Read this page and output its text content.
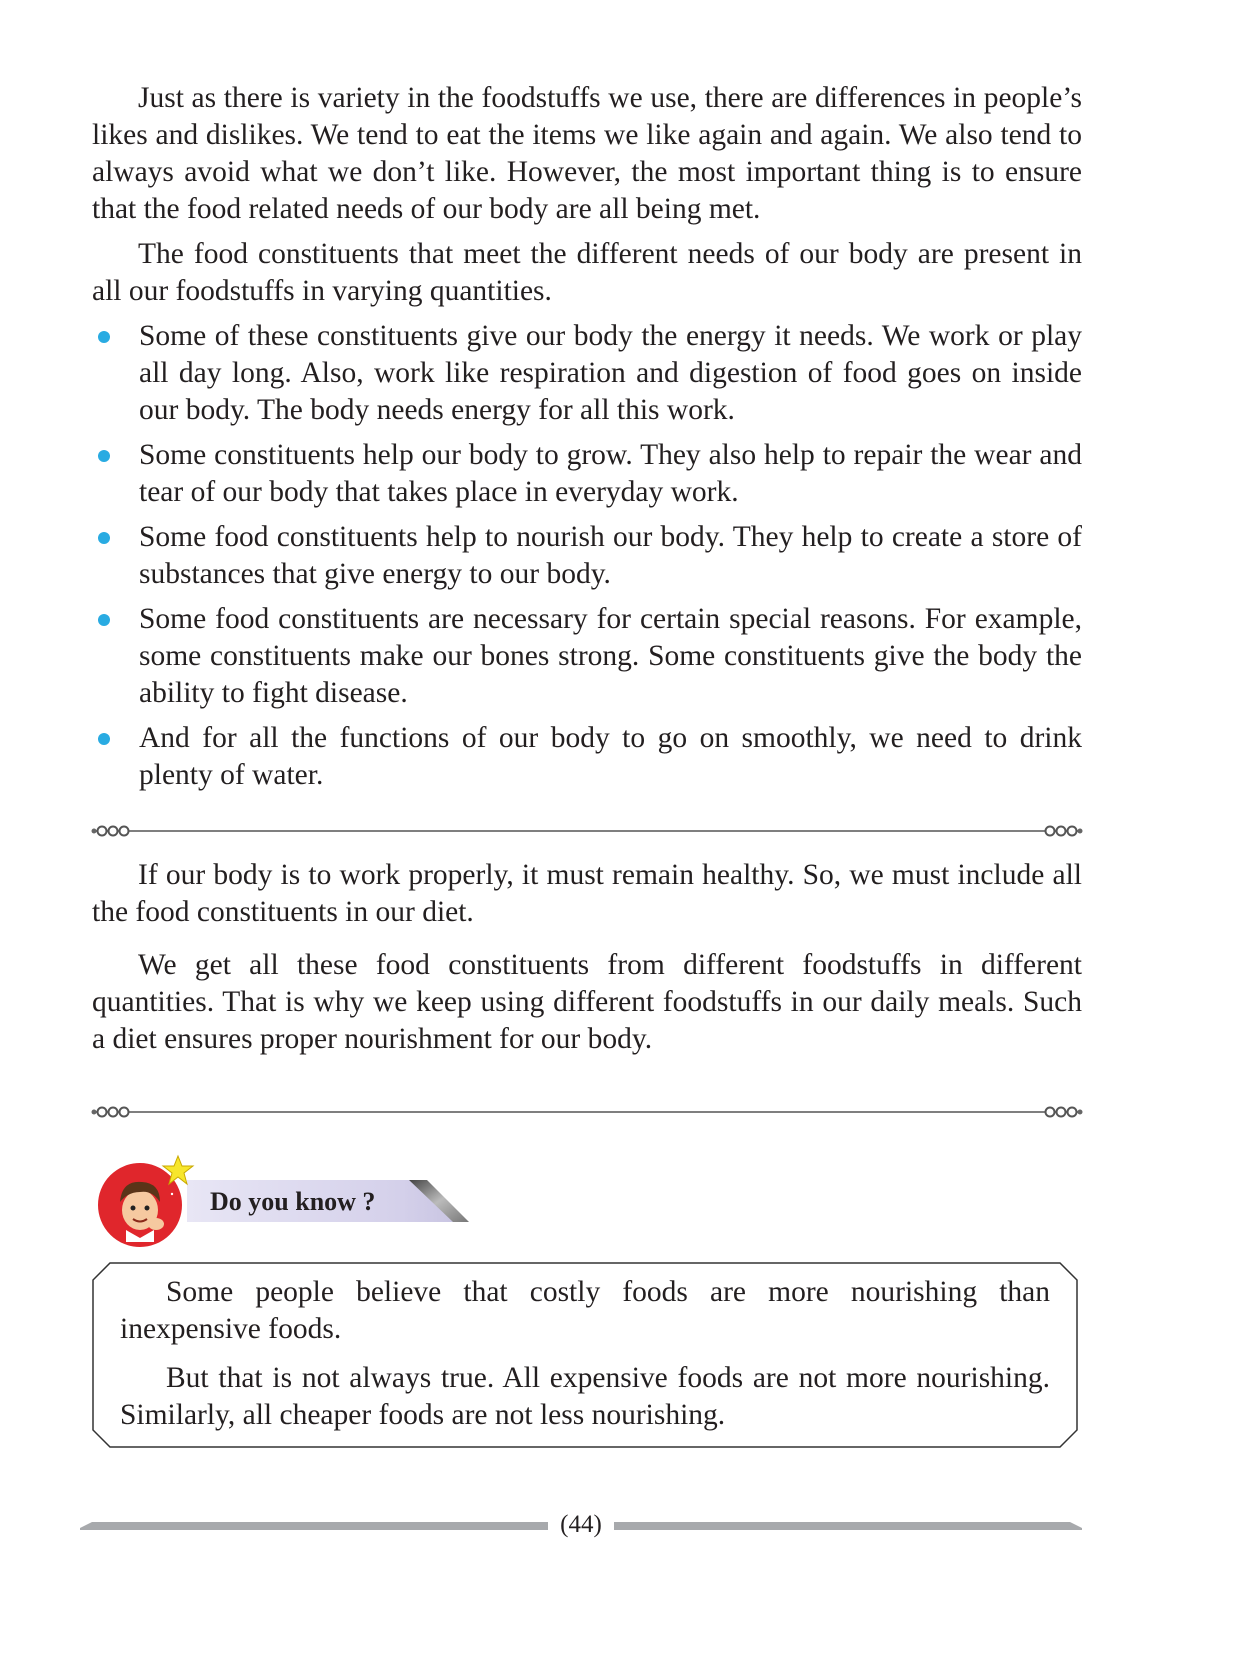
Just as there is variety in the foodstuffs we use, there are differences in people’s likes and dislikes. We tend to eat the items we like again and again. We also tend to always avoid what we don’t like. However, the most important thing is to ensure that the food related needs of our body are all being met.

The food constituents that meet the different needs of our body are present in all our foodstuffs in varying quantities.

Some of these constituents give our body the energy it needs. We work or play all day long. Also, work like respiration and digestion of food goes on inside our body. The body needs energy for all this work.
Some constituents help our body to grow. They also help to repair the wear and tear of our body that takes place in everyday work.
Some food constituents help to nourish our body. They help to create a store of substances that give energy to our body.
Some food constituents are necessary for certain special reasons. For example, some constituents make our bones strong. Some constituents give the body the ability to fight disease.
And for all the functions of our body to go on smoothly, we need to drink plenty of water.

If our body is to work properly, it must remain healthy. So, we must include all the food constituents in our diet.

We get all these food constituents from different foodstuffs in different quantities. That is why we keep using different foodstuffs in our daily meals. Such a diet ensures proper nourishment for our body.

Do you know ?

Some people believe that costly foods are more nourishing than inexpensive foods.

But that is not always true. All expensive foods are not more nourishing. Similarly, all cheaper foods are not less nourishing.

(44)
